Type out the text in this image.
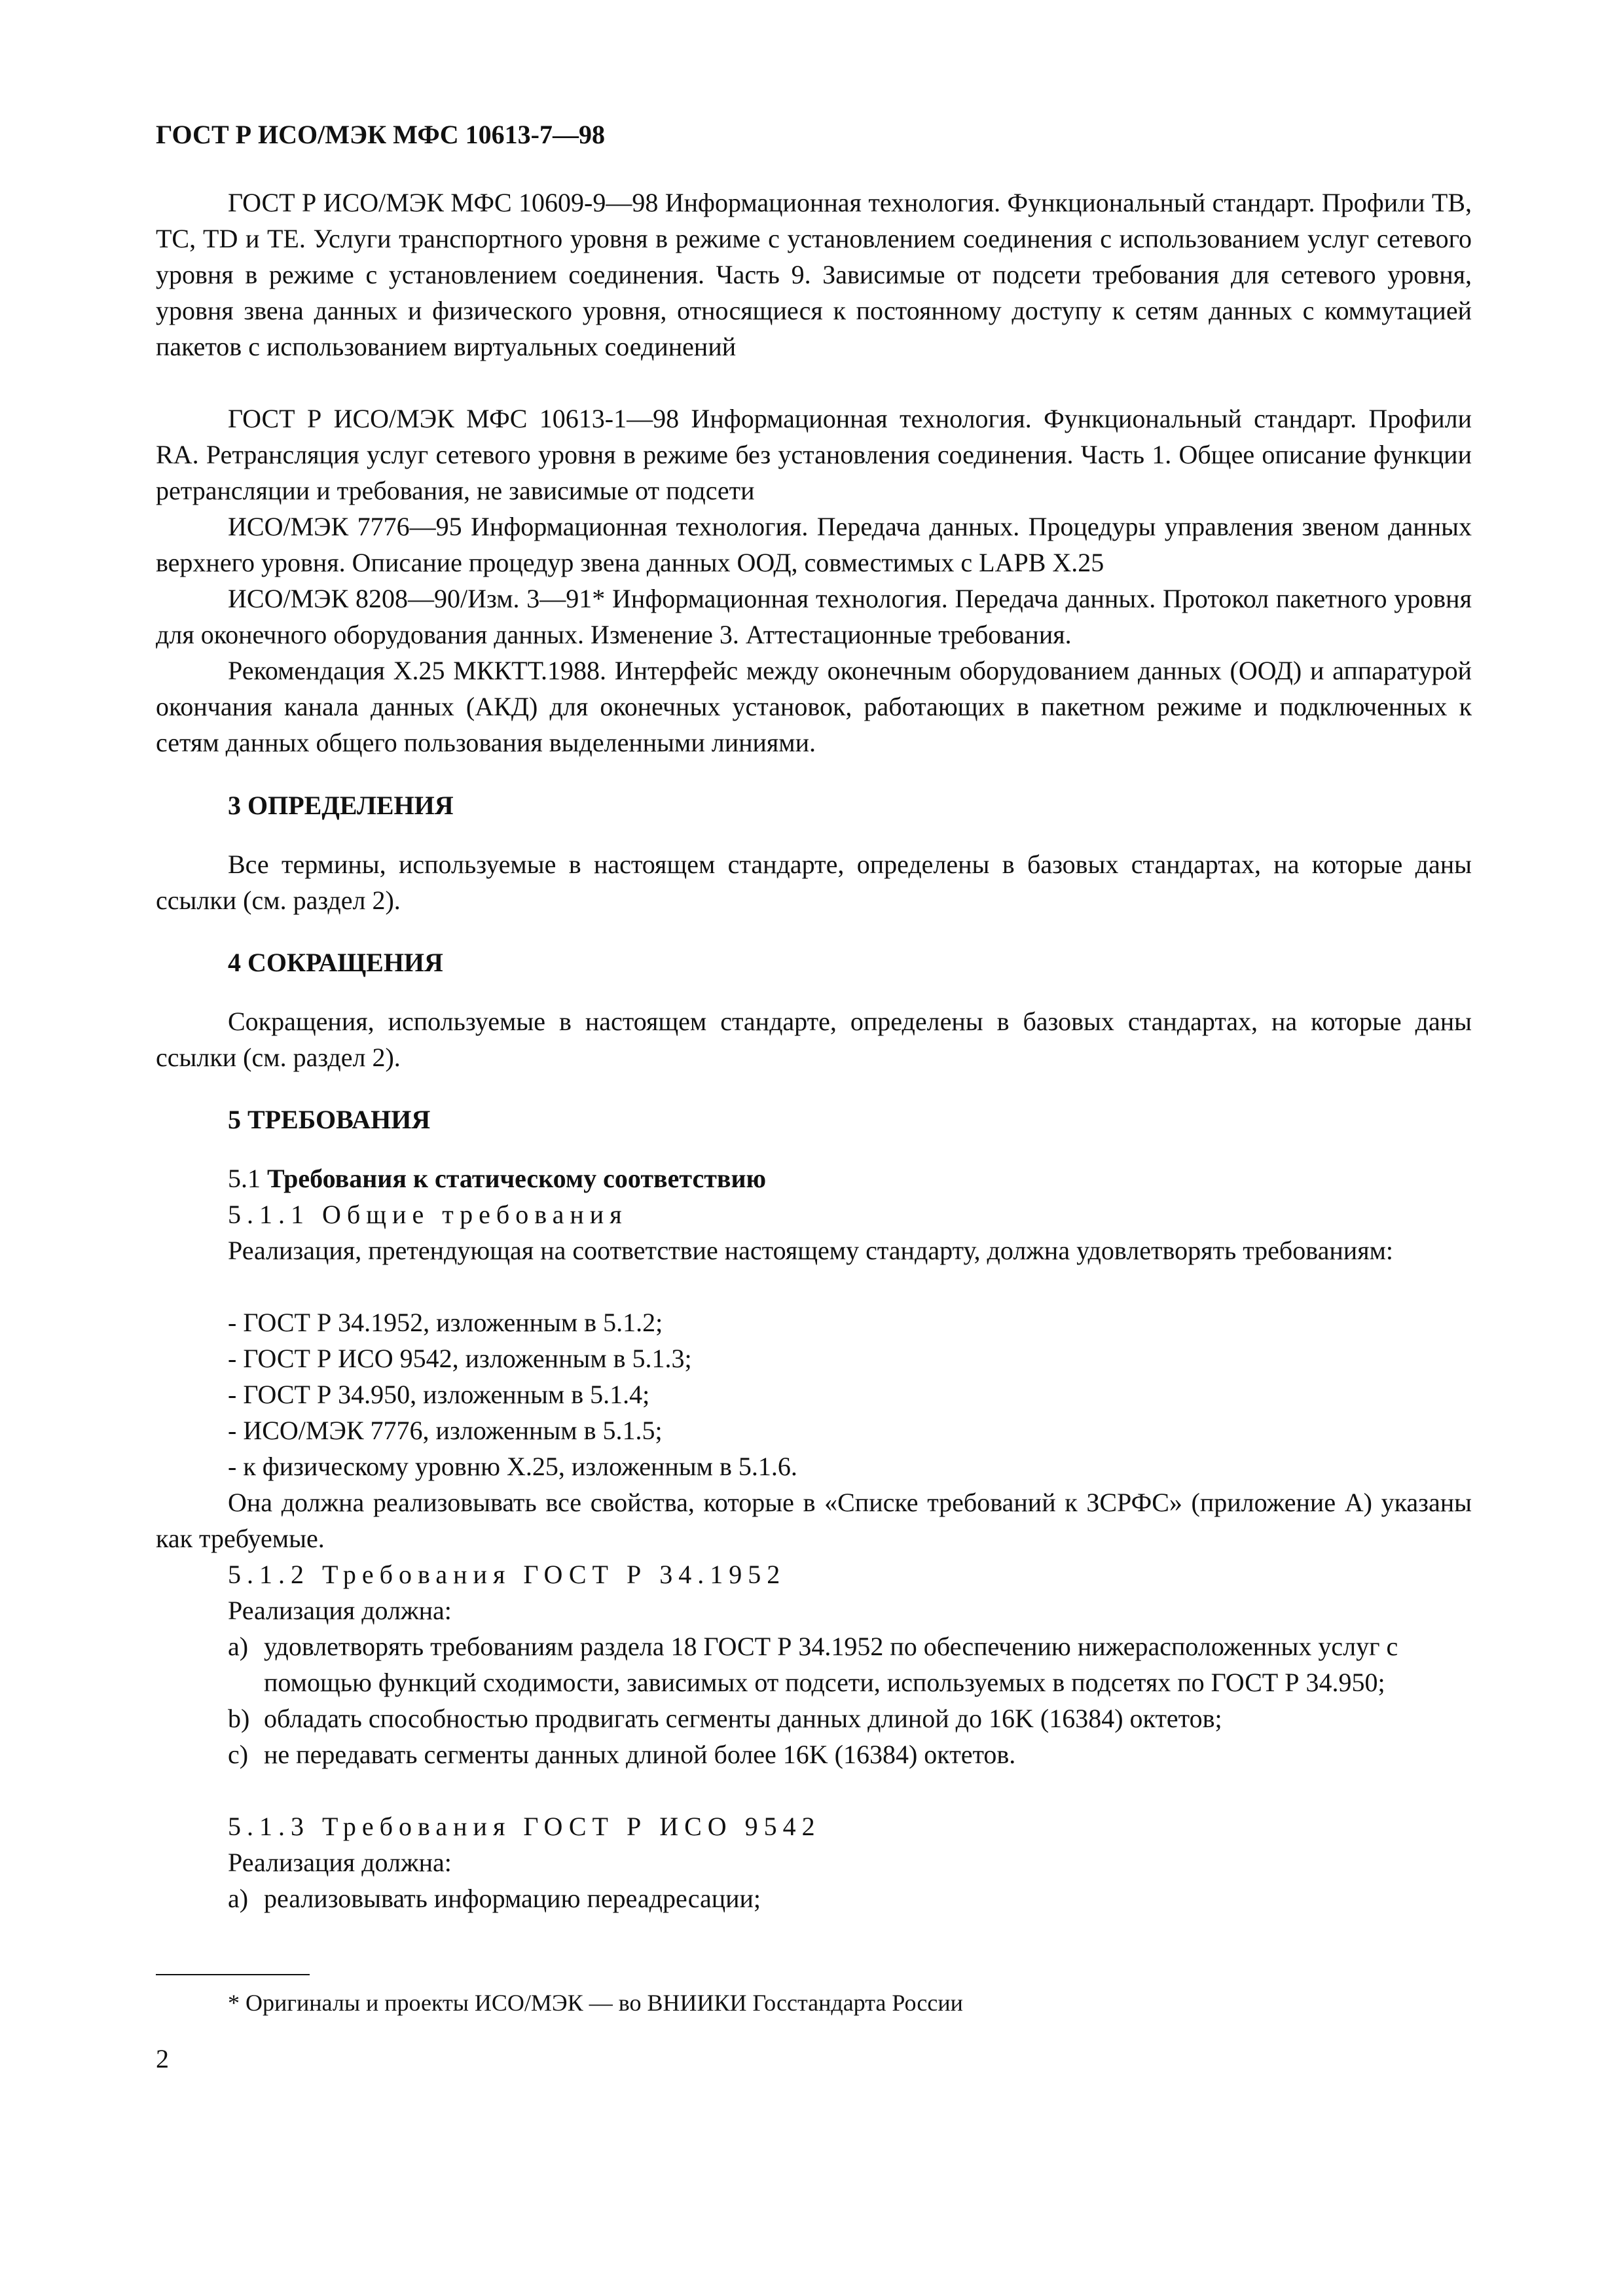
ГОСТ Р ИСО/МЭК МФС 10613-7—98

ГОСТ Р ИСО/МЭК МФС 10609-9—98 Информационная технология. Функциональный стандарт. Профили TB, TC, TD и TE. Услуги транспортного уровня в режиме с установлением соединения с использованием услуг сетевого уровня в режиме с установлением соединения. Часть 9. Зависимые от подсети требования для сетевого уровня, уровня звена данных и физического уровня, относящиеся к постоянному доступу к сетям данных с коммутацией пакетов с использованием виртуальных соединений

ГОСТ Р ИСО/МЭК МФС 10613-1—98 Информационная технология. Функциональный стандарт. Профили RA. Ретрансляция услуг сетевого уровня в режиме без установления соединения. Часть 1. Общее описание функции ретрансляции и требования, не зависимые от подсети

ИСО/МЭК 7776—95 Информационная технология. Передача данных. Процедуры управления звеном данных верхнего уровня. Описание процедур звена данных ООД, совместимых с LAPB X.25

ИСО/МЭК 8208—90/Изм. 3—91* Информационная технология. Передача данных. Протокол пакетного уровня для оконечного оборудования данных. Изменение 3. Аттестационные требования.

Рекомендация X.25 МККТТ.1988. Интерфейс между оконечным оборудованием данных (ООД) и аппаратурой окончания канала данных (АКД) для оконечных установок, работающих в пакетном режиме и подключенных к сетям данных общего пользования выделенными линиями.

3 ОПРЕДЕЛЕНИЯ

Все термины, используемые в настоящем стандарте, определены в базовых стандартах, на которые даны ссылки (см. раздел 2).

4 СОКРАЩЕНИЯ

Сокращения, используемые в настоящем стандарте, определены в базовых стандартах, на которые даны ссылки (см. раздел 2).

5 ТРЕБОВАНИЯ

5.1 Требования к статическому соответствию

5.1.1 Общие требования

Реализация, претендующая на соответствие настоящему стандарту, должна удовлетворять требованиям:

- ГОСТ Р 34.1952, изложенным в 5.1.2;
- ГОСТ Р ИСО 9542, изложенным в 5.1.3;
- ГОСТ Р 34.950, изложенным в 5.1.4;
- ИСО/МЭК 7776, изложенным в 5.1.5;
- к физическому уровню X.25, изложенным в 5.1.6.

Она должна реализовывать все свойства, которые в «Списке требований к ЗСРФС» (приложение А) указаны как требуемые.

5.1.2 Требования ГОСТ Р 34.1952

Реализация должна:

a) удовлетворять требованиям раздела 18 ГОСТ Р 34.1952 по обеспечению нижерасположенных услуг с помощью функций сходимости, зависимых от подсети, используемых в подсетях по ГОСТ Р 34.950;
b) обладать способностью продвигать сегменты данных длиной до 16K (16384) октетов;
c) не передавать сегменты данных длиной более 16K (16384) октетов.

5.1.3 Требования ГОСТ Р ИСО 9542

Реализация должна:

a) реализовывать информацию переадресации;

* Оригиналы и проекты ИСО/МЭК — во ВНИИКИ Госстандарта России

2
